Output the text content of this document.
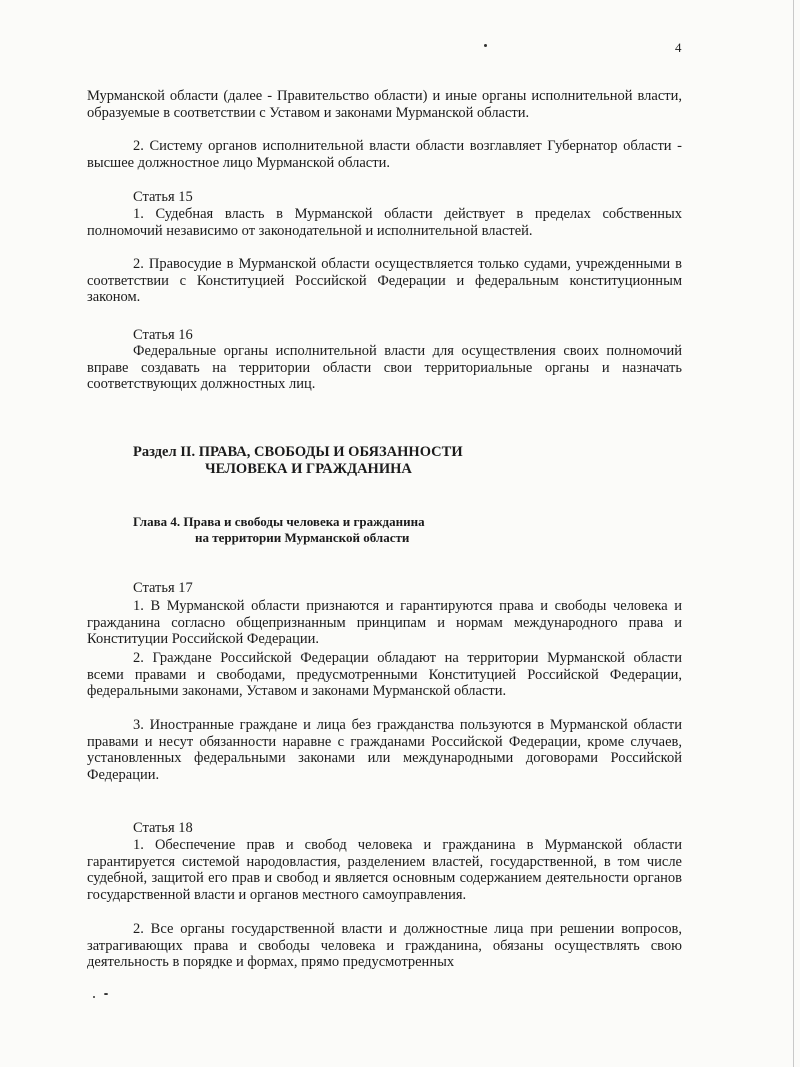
4

Мурманской области (далее - Правительство области) и иные органы исполнительной власти, образуемые в соответствии с Уставом и законами Мурманской области.

2. Систему органов исполнительной власти области возглавляет Губернатор области - высшее должностное лицо Мурманской области.

Статья 15

1. Судебная власть в Мурманской области действует в пределах собственных полномочий независимо от законодательной и исполнительной властей.

2. Правосудие в Мурманской области осуществляется только судами, учрежденными в соответствии с Конституцией Российской Федерации и федеральным конституционным законом.

Статья 16

Федеральные органы исполнительной власти для осуществления своих полномочий вправе создавать на территории области свои территориальные органы и назначать соответствующих должностных лиц.

Раздел II. ПРАВА, СВОБОДЫ И ОБЯЗАННОСТИ
ЧЕЛОВЕКА И ГРАЖДАНИНА

Глава 4. Права и свободы человека и гражданина
на территории Мурманской области

Статья 17

1. В Мурманской области признаются и гарантируются права и свободы человека и гражданина согласно общепризнанным принципам и нормам международного права и Конституции Российской Федерации.

2. Граждане Российской Федерации обладают на территории Мурманской области всеми правами и свободами, предусмотренными Конституцией Российской Федерации, федеральными законами, Уставом и законами Мурманской области.

3. Иностранные граждане и лица без гражданства пользуются в Мурманской области правами и несут обязанности наравне с гражданами Российской Федерации, кроме случаев, установленных федеральными законами или международными договорами Российской Федерации.

Статья 18

1. Обеспечение прав и свобод человека и гражданина в Мурманской области гарантируется системой народовластия, разделением властей, государственной, в том числе судебной, защитой его прав и свобод и является основным содержанием деятельности органов государственной власти и органов местного самоуправления.

2. Все органы государственной власти и должностные лица при решении вопросов, затрагивающих права и свободы человека и гражданина, обязаны осуществлять свою деятельность в порядке и формах, прямо предусмотренных
